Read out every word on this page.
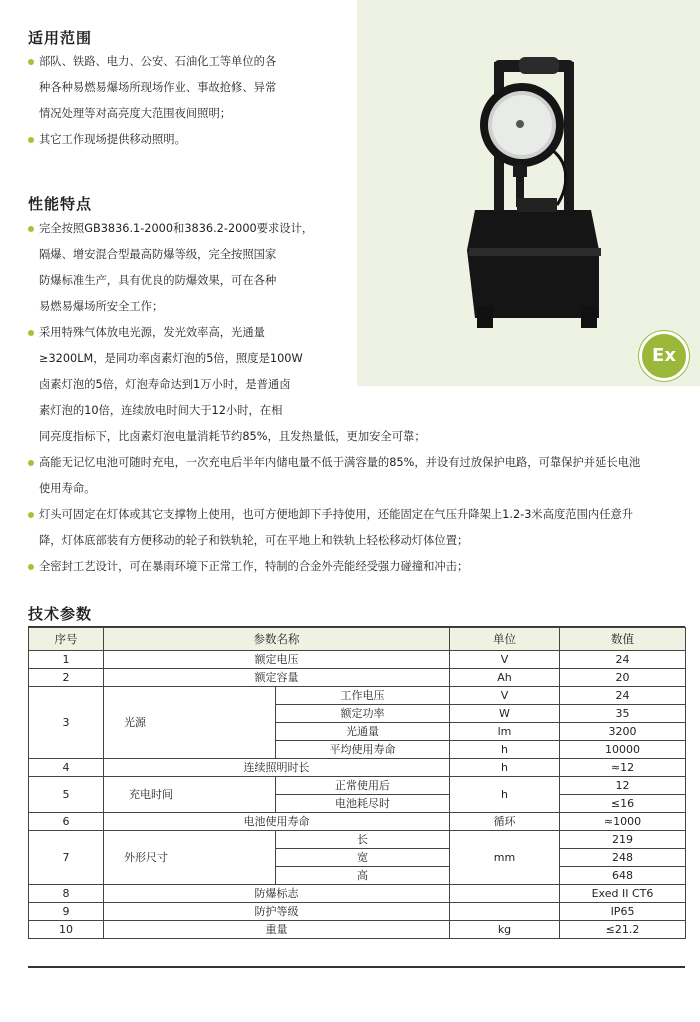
Ex
适用范围
部队、铁路、电力、公安、石油化工等单位的各
种各种易燃易爆场所现场作业、事故抢修、异常
情况处理等对高亮度大范围夜间照明；
其它工作现场提供移动照明。
性能特点
完全按照GB3836.1-2000和3836.2-2000要求设计，
隔爆、增安混合型最高防爆等级，完全按照国家
防爆标准生产，具有优良的防爆效果，可在各种
易燃易爆场所安全工作；
采用特殊气体放电光源，发光效率高，光通量
≥3200LM，是同功率卤素灯泡的5倍，照度是100W
卤素灯泡的5倍，灯泡寿命达到1万小时，是普通卤
素灯泡的10倍，连续放电时间大于12小时，在相
同亮度指标下，比卤素灯泡电量消耗节约85%，且发热量低，更加安全可靠；
高能无记忆电池可随时充电，一次充电后半年内储电量不低于满容量的85%，并设有过放保护电路，可靠保护并延长电池
使用寿命。
灯头可固定在灯体或其它支撑物上使用，也可方便地卸下手持使用，还能固定在气压升降架上1.2-3米高度范围内任意升
降，灯体底部装有方便移动的轮子和铁轨轮，可在平地上和铁轨上轻松移动灯体位置；
全密封工艺设计，可在暴雨环境下正常工作，特制的合金外壳能经受强力碰撞和冲击；
技术参数
序号	参数名称		单位	数值
1	额定电压		V	24
2	额定容量		Ah	20
3	光源	工作电压	V	24
		额定功率	W	35
		光通量	lm	3200
		平均使用寿命	h	10000
4	连续照明时长		h	≈12
5	充电时间	正常使用后	h	12
		电池耗尽时		≤16
6	电池使用寿命		循环	≈1000
7	外形尺寸	长	mm	219
		宽		248
		高		648
8	防爆标志			Exed II CT6
9	防护等级			IP65
10	重量		kg	≤21.2
